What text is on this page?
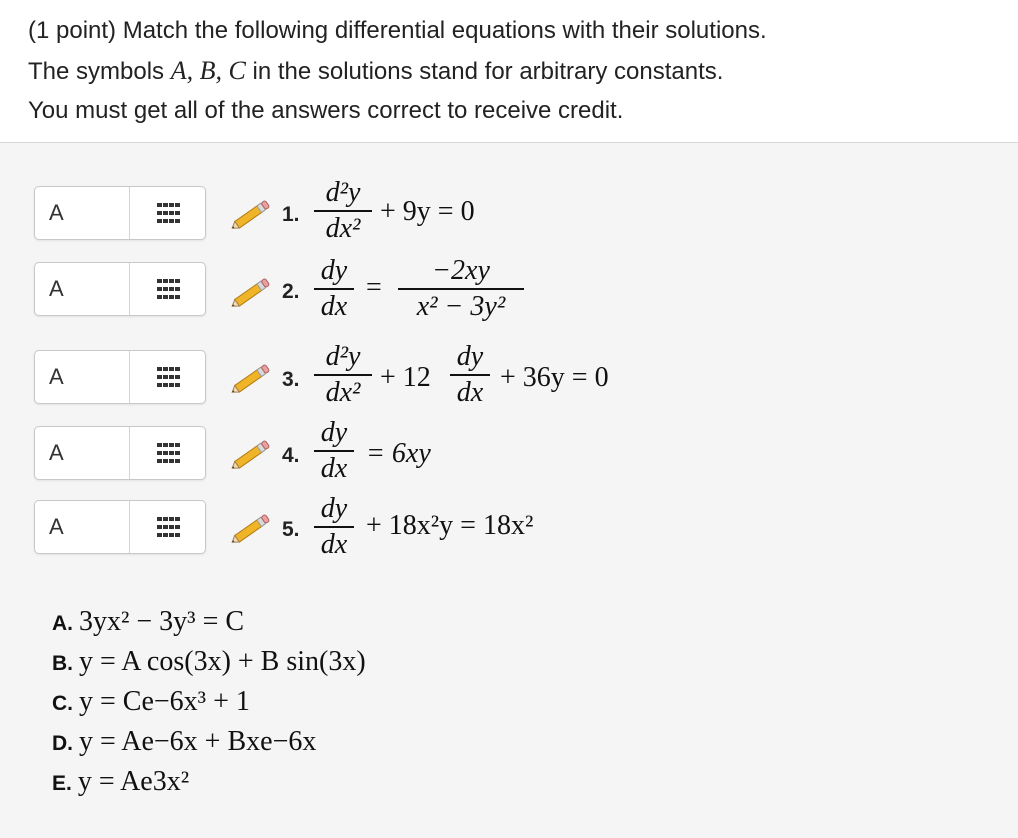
(1 point) Match the following differential equations with their solutions.

The symbols A, B, C in the solutions stand for arbitrary constants.

You must get all of the answers correct to receive credit.

A
A
A
A
A
1.
2.
3.
4.
5.
d²y
dx²
+ 9y = 0
dy
dx
=
−2xy
x² − 3y²
d²y
dx² + 12
dy
dx + 36y = 0
dy
dx = 6xy
dy
dx
+ 18x²y = 18x²
A. 3yx² − 3y³ = C
B. y = A cos(3x) + B sin(3x)
C. y = Ce−6x³ + 1
D. y = Ae−6x + Bxe−6x
E. y = Ae3x²
